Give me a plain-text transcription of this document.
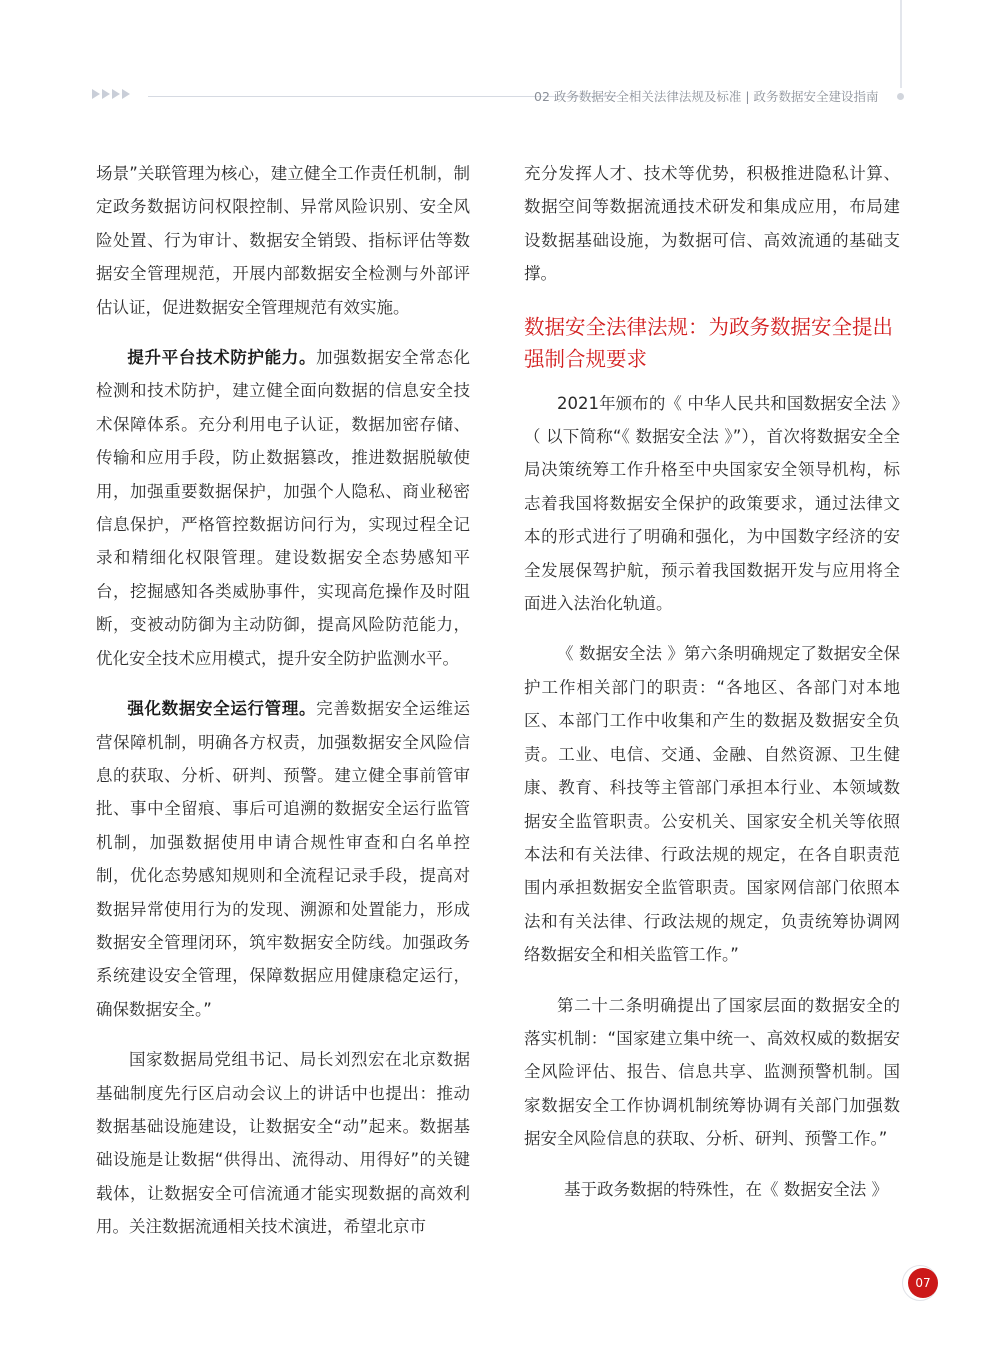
02 政务数据安全相关法律法规及标准 | 政务数据安全建设指南

场景”关联管理为核心，建立健全工作责任机制，制定政务数据访问权限控制、异常风险识别、安全风险处置、行为审计、数据安全销毁、指标评估等数据安全管理规范，开展内部数据安全检测与外部评估认证，促进数据安全管理规范有效实施。

提升平台技术防护能力。加强数据安全常态化检测和技术防护，建立健全面向数据的信息安全技术保障体系。充分利用电子认证，数据加密存储、传输和应用手段，防止数据篡改，推进数据脱敏使用，加强重要数据保护，加强个人隐私、商业秘密信息保护，严格管控数据访问行为，实现过程全记录和精细化权限管理。建设数据安全态势感知平台，挖掘感知各类威胁事件，实现高危操作及时阻断，变被动防御为主动防御，提高风险防范能力，优化安全技术应用模式，提升安全防护监测水平。

强化数据安全运行管理。完善数据安全运维运营保障机制，明确各方权责，加强数据安全风险信息的获取、分析、研判、预警。建立健全事前管审批、事中全留痕、事后可追溯的数据安全运行监管机制，加强数据使用申请合规性审查和白名单控制，优化态势感知规则和全流程记录手段，提高对数据异常使用行为的发现、溯源和处置能力，形成数据安全管理闭环，筑牢数据安全防线。加强政务系统建设安全管理，保障数据应用健康稳定运行，确保数据安全。”

国家数据局党组书记、局长刘烈宏在北京数据基础制度先行区启动会议上的讲话中也提出：推动数据基础设施建设，让数据安全“动”起来。数据基础设施是让数据“供得出、流得动、用得好”的关键载体，让数据安全可信流通才能实现数据的高效利用。关注数据流通相关技术演进，希望北京市

充分发挥人才、技术等优势，积极推进隐私计算、数据空间等数据流通技术研发和集成应用，布局建设数据基础设施，为数据可信、高效流通的基础支撑。

数据安全法律法规：为政务数据安全提出强制合规要求

2021年颁布的《 中华人民共和国数据安全法 》（ 以下简称“《 数据安全法 》”），首次将数据安全全局决策统筹工作升格至中央国家安全领导机构，标志着我国将数据安全保护的政策要求，通过法律文本的形式进行了明确和强化，为中国数字经济的安全发展保驾护航，预示着我国数据开发与应用将全面进入法治化轨道。

《 数据安全法 》第六条明确规定了数据安全保护工作相关部门的职责：“各地区、各部门对本地区、本部门工作中收集和产生的数据及数据安全负责。工业、电信、交通、金融、自然资源、卫生健康、教育、科技等主管部门承担本行业、本领域数据安全监管职责。公安机关、国家安全机关等依照本法和有关法律、行政法规的规定，在各自职责范围内承担数据安全监管职责。国家网信部门依照本法和有关法律、行政法规的规定，负责统筹协调网络数据安全和相关监管工作。”

第二十二条明确提出了国家层面的数据安全的落实机制：“国家建立集中统一、高效权威的数据安全风险评估、报告、信息共享、监测预警机制。国家数据安全工作协调机制统筹协调有关部门加强数据安全风险信息的获取、分析、研判、预警工作。”

基于政务数据的特殊性，在《 数据安全法 》

07
